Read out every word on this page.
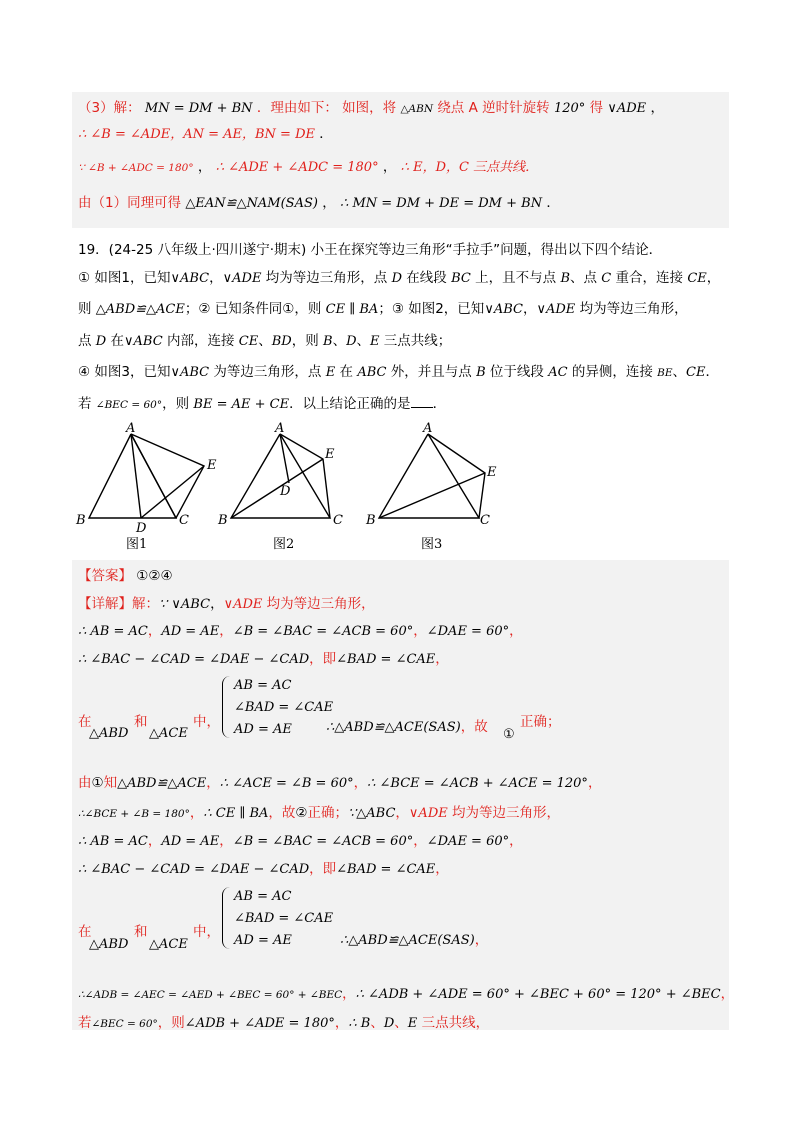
（3）解： MN = DM + BN ．理由如下： 如图，将 △ABN 绕点 A 逆时针旋转 120° 得 ∨ADE ，
∴ ∠B = ∠ADE，AN = AE，BN = DE ．
∵ ∠B + ∠ADC = 180° ， ∴ ∠ADE + ∠ADC = 180° ， ∴ E，D，C 三点共线．
由（1）同理可得 △EAN≌△NAM(SAS) ， ∴ MN = DM + DE = DM + BN ．
19．(24-25 八年级上·四川遂宁·期末) 小王在探究等边三角形“手拉手”问题，得出以下四个结论．
① 如图1，已知∨ABC，∨ADE 均为等边三角形，点 D 在线段 BC 上，且不与点 B、点 C 重合，连接 CE，
则 △ABD≌△ACE；② 已知条件同①，则 CE ∥ BA；③ 如图2，已知∨ABC，∨ADE 均为等边三角形，
点 D 在∨ABC 内部，连接 CE、BD，则 B、D、E 三点共线；
④ 如图3，已知∨ABC 为等边三角形，点 E 在 ABC 外，并且与点 B 位于线段 AC 的异侧，连接 BE、CE．
若 ∠BEC = 60°，则 BE = AE + CE．以上结论正确的是 ．
A
B	C
D
E
A
B	C
D
E
A
B	C
E
图1	图2	图3
【答案】 ①②④
【详解】解：∵ ∨ABC，∨ADE 均为等边三角形，
∴ AB = AC，AD = AE，∠B = ∠BAC = ∠ACB = 60°，∠DAE = 60°，
∴ ∠BAC − ∠CAD = ∠DAE − ∠CAD，即∠BAD = ∠CAE，
在
△ABD
和
△ACE
中，
AB = AC
∠BAD = ∠CAE
AD = AE	∴△ABD≌△ACE(SAS)，故 ①
正确；
由①知△ABD≌△ACE，∴ ∠ACE = ∠B = 60°，∴ ∠BCE = ∠ACB + ∠ACE = 120°，
∴∠BCE + ∠B = 180°，∴ CE ∥ BA，故②正确；∵△ABC，∨ADE 均为等边三角形，
∴ AB = AC，AD = AE，∠B = ∠BAC = ∠ACB = 60°，∠DAE = 60°，
∴ ∠BAC − ∠CAD = ∠DAE − ∠CAD，即∠BAD = ∠CAE，
在
△ABD
和
△ACE
中，
AB = AC
∠BAD = ∠CAE
AD = AE	∴△ABD≌△ACE(SAS)，
∴∠ADB = ∠AEC = ∠AED + ∠BEC = 60° + ∠BEC，∴ ∠ADB + ∠ADE = 60° + ∠BEC + 60° = 120° + ∠BEC，
若∠BEC = 60°，则∠ADB + ∠ADE = 180°，∴ B、D、E 三点共线，
